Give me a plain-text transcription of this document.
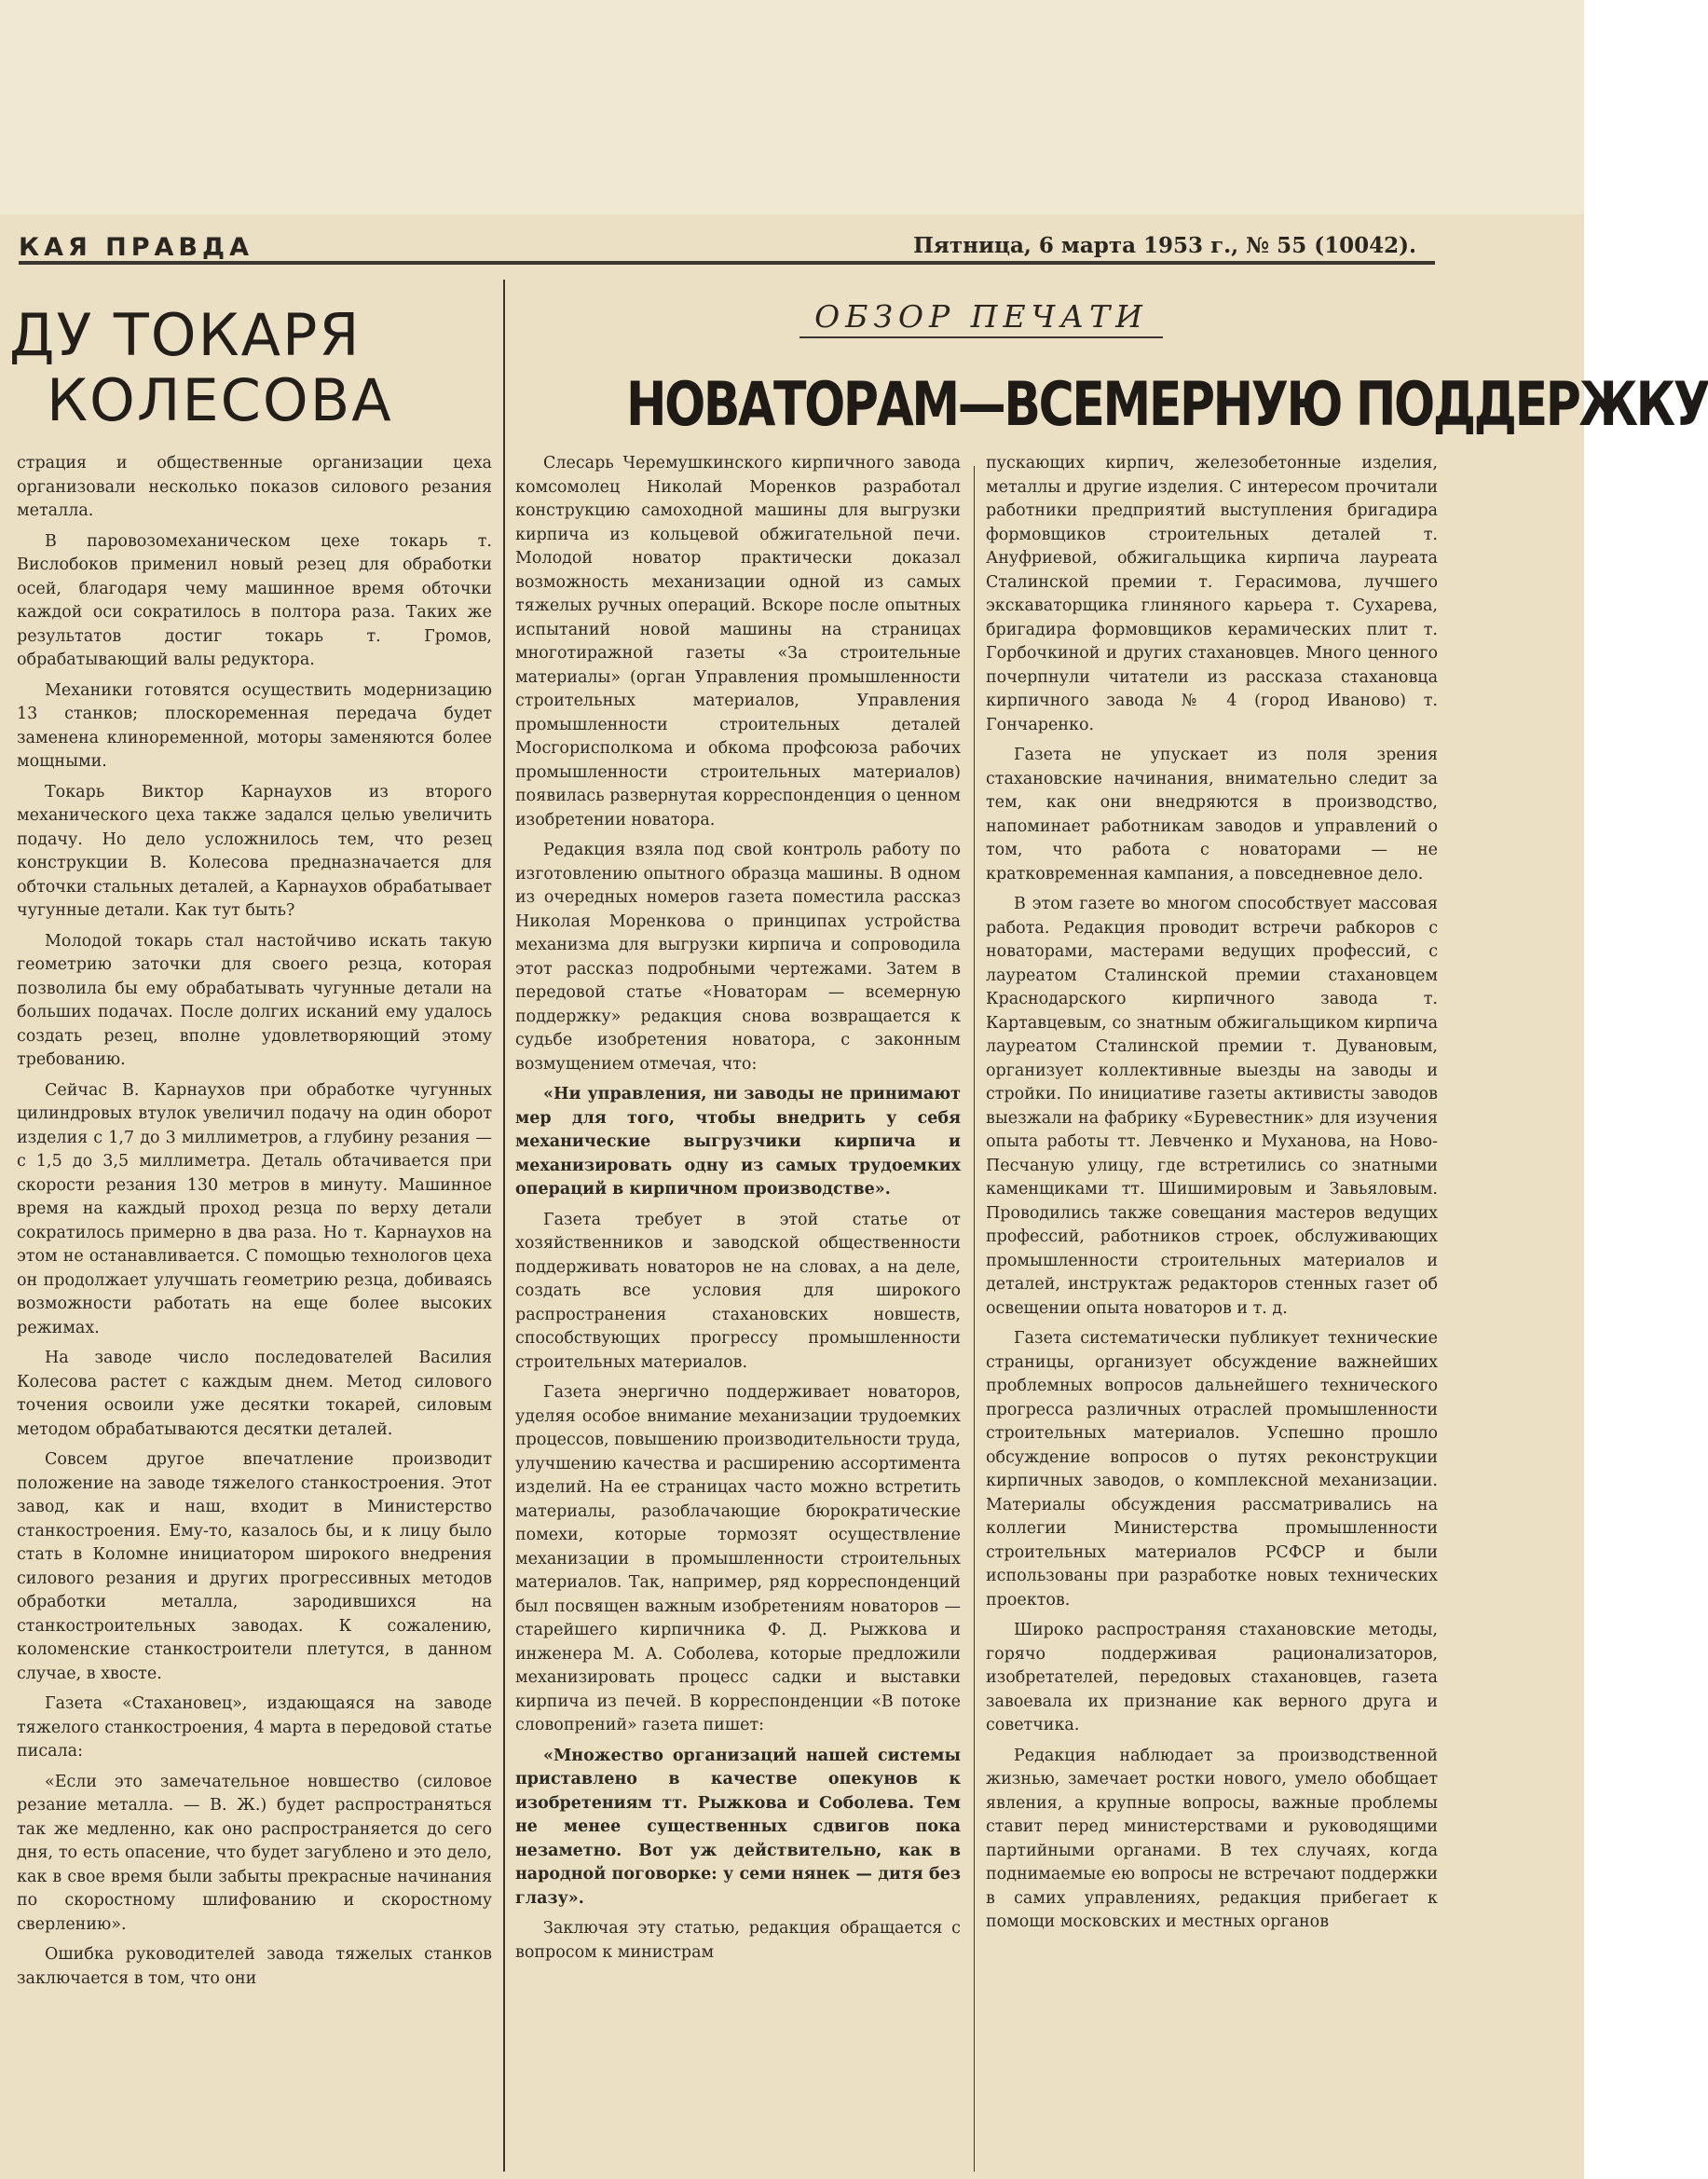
КАЯ ПРАВДА	Пятница, 6 марта 1953 г., № 55 (10042).
ДУ ТОКАРЯ
КОЛЕСОВА

страция и общественные организации цеха организовали несколько показов силового резания металла.

В паровозомеханическом цехе токарь т. Вислобоков применил новый резец для обработки осей, благодаря чему машинное время обточки каждой оси сократилось в полтора раза. Таких же результатов достиг токарь т. Громов, обрабатывающий валы редуктора.

Механики готовятся осуществить модернизацию 13 станков; плоскоременная передача будет заменена клиноременной, моторы заменяются более мощными.

Токарь Виктор Карнаухов из второго механического цеха также задался целью увеличить подачу. Но дело усложнилось тем, что резец конструкции В. Колесова предназначается для обточки стальных деталей, а Карнаухов обрабатывает чугунные детали. Как тут быть?

Молодой токарь стал настойчиво искать такую геометрию заточки для своего резца, которая позволила бы ему обрабатывать чугунные детали на больших подачах. После долгих исканий ему удалось создать резец, вполне удовлетворяющий этому требованию.

Сейчас В. Карнаухов при обработке чугунных цилиндровых втулок увеличил подачу на один оборот изделия с 1,7 до 3 миллиметров, а глубину резания — с 1,5 до 3,5 миллиметра. Деталь обтачивается при скорости резания 130 метров в минуту. Машинное время на каждый проход резца по верху детали сократилось примерно в два раза. Но т. Карнаухов на этом не останавливается. С помощью технологов цеха он продолжает улучшать геометрию резца, добиваясь возможности работать на еще более высоких режимах.

На заводе число последователей Василия Колесова растет с каждым днем. Метод силового точения освоили уже десятки токарей, силовым методом обрабатываются десятки деталей.

Совсем другое впечатление производит положение на заводе тяжелого станкостроения. Этот завод, как и наш, входит в Министерство станкостроения. Ему-то, казалось бы, и к лицу было стать в Коломне инициатором широкого внедрения силового резания и других прогрессивных методов обработки металла, зародившихся на станкостроительных заводах. К сожалению, коломенские станкостроители плетутся, в данном случае, в хвосте.

Газета «Стахановец», издающаяся на заводе тяжелого станкостроения, 4 марта в передовой статье писала:

«Если это замечательное новшество (силовое резание металла. — В. Ж.) будет распространяться так же медленно, как оно распространяется до сего дня, то есть опасение, что будет загублено и это дело, как в свое время были забыты прекрасные начинания по скоростному шлифованию и скоростному сверлению».

Ошибка руководителей завода тяжелых станков заключается в том, что они

ОБЗОР ПЕЧАТИ
НОВАТОРАМ—ВСЕМЕРНУЮ ПОДДЕРЖКУ

Слесарь Черемушкинского кирпичного завода комсомолец Николай Моренков разработал конструкцию самоходной машины для выгрузки кирпича из кольцевой обжигательной печи. Молодой новатор практически доказал возможность механизации одной из самых тяжелых ручных операций. Вскоре после опытных испытаний новой машины на страницах многотиражной газеты «За строительные материалы» (орган Управления промышленности строительных материалов, Управления промышленности строительных деталей Мосгорисполкома и обкома профсоюза рабочих промышленности строительных материалов) появилась развернутая корреспонденция о ценном изобретении новатора.

Редакция взяла под свой контроль работу по изготовлению опытного образца машины. В одном из очередных номеров газета поместила рассказ Николая Моренкова о принципах устройства механизма для выгрузки кирпича и сопроводила этот рассказ подробными чертежами. Затем в передовой статье «Новаторам — всемерную поддержку» редакция снова возвращается к судьбе изобретения новатора, с законным возмущением отмечая, что:

«Ни управления, ни заводы не принимают мер для того, чтобы внедрить у себя механические выгрузчики кирпича и механизировать одну из самых трудоемких операций в кирпичном производстве».

Газета требует в этой статье от хозяйственников и заводской общественности поддерживать новаторов не на словах, а на деле, создать все условия для широкого распространения стахановских новшеств, способствующих прогрессу промышленности строительных материалов.

Газета энергично поддерживает новаторов, уделяя особое внимание механизации трудоемких процессов, повышению производительности труда, улучшению качества и расширению ассортимента изделий. На ее страницах часто можно встретить материалы, разоблачающие бюрократические помехи, которые тормозят осуществление механизации в промышленности строительных материалов. Так, например, ряд корреспонденций был посвящен важным изобретениям новаторов — старейшего кирпичника Ф. Д. Рыжкова и инженера М. А. Соболева, которые предложили механизировать процесс садки и выставки кирпича из печей. В корреспонденции «В потоке словопрений» газета пишет:

«Множество организаций нашей системы приставлено в качестве опекунов к изобретениям тт. Рыжкова и Соболева. Тем не менее существенных сдвигов пока незаметно. Вот уж действительно, как в народной поговорке: у семи нянек — дитя без глазу».

Заключая эту статью, редакция обращается с вопросом к министрам

пускающих кирпич, железобетонные изделия, металлы и другие изделия. С интересом прочитали работники предприятий выступления бригадира формовщиков строительных деталей т. Ануфриевой, обжигальщика кирпича лауреата Сталинской премии т. Герасимова, лучшего экскаваторщика глиняного карьера т. Сухарева, бригадира формовщиков керамических плит т. Горбочкиной и других стахановцев. Много ценного почерпнули читатели из рассказа стахановца кирпичного завода № 4 (город Иваново) т. Гончаренко.

Газета не упускает из поля зрения стахановские начинания, внимательно следит за тем, как они внедряются в производство, напоминает работникам заводов и управлений о том, что работа с новаторами — не кратковременная кампания, а повседневное дело.

В этом газете во многом способствует массовая работа. Редакция проводит встречи рабкоров с новаторами, мастерами ведущих профессий, с лауреатом Сталинской премии стахановцем Краснодарского кирпичного завода т. Картавцевым, со знатным обжигальщиком кирпича лауреатом Сталинской премии т. Дувановым, организует коллективные выезды на заводы и стройки. По инициативе газеты активисты заводов выезжали на фабрику «Буревестник» для изучения опыта работы тт. Левченко и Муханова, на Ново-Песчаную улицу, где встретились со знатными каменщиками тт. Шишимировым и Завьяловым. Проводились также совещания мастеров ведущих профессий, работников строек, обслуживающих промышленности строительных материалов и деталей, инструктаж редакторов стенных газет об освещении опыта новаторов и т. д.

Газета систематически публикует технические страницы, организует обсуждение важнейших проблемных вопросов дальнейшего технического прогресса различных отраслей промышленности строительных материалов. Успешно прошло обсуждение вопросов о путях реконструкции кирпичных заводов, о комплексной механизации. Материалы обсуждения рассматривались на коллегии Министерства промышленности строительных материалов РСФСР и были использованы при разработке новых технических проектов.

Широко распространяя стахановские методы, горячо поддерживая рационализаторов, изобретателей, передовых стахановцев, газета завоевала их признание как верного друга и советчика.

Редакция наблюдает за производственной жизнью, замечает ростки нового, умело обобщает явления, а крупные вопросы, важные проблемы ставит перед министерствами и руководящими партийными органами. В тех случаях, когда поднимаемые ею вопросы не встречают поддержки в самих управлениях, редакция прибегает к помощи московских и местных органов
